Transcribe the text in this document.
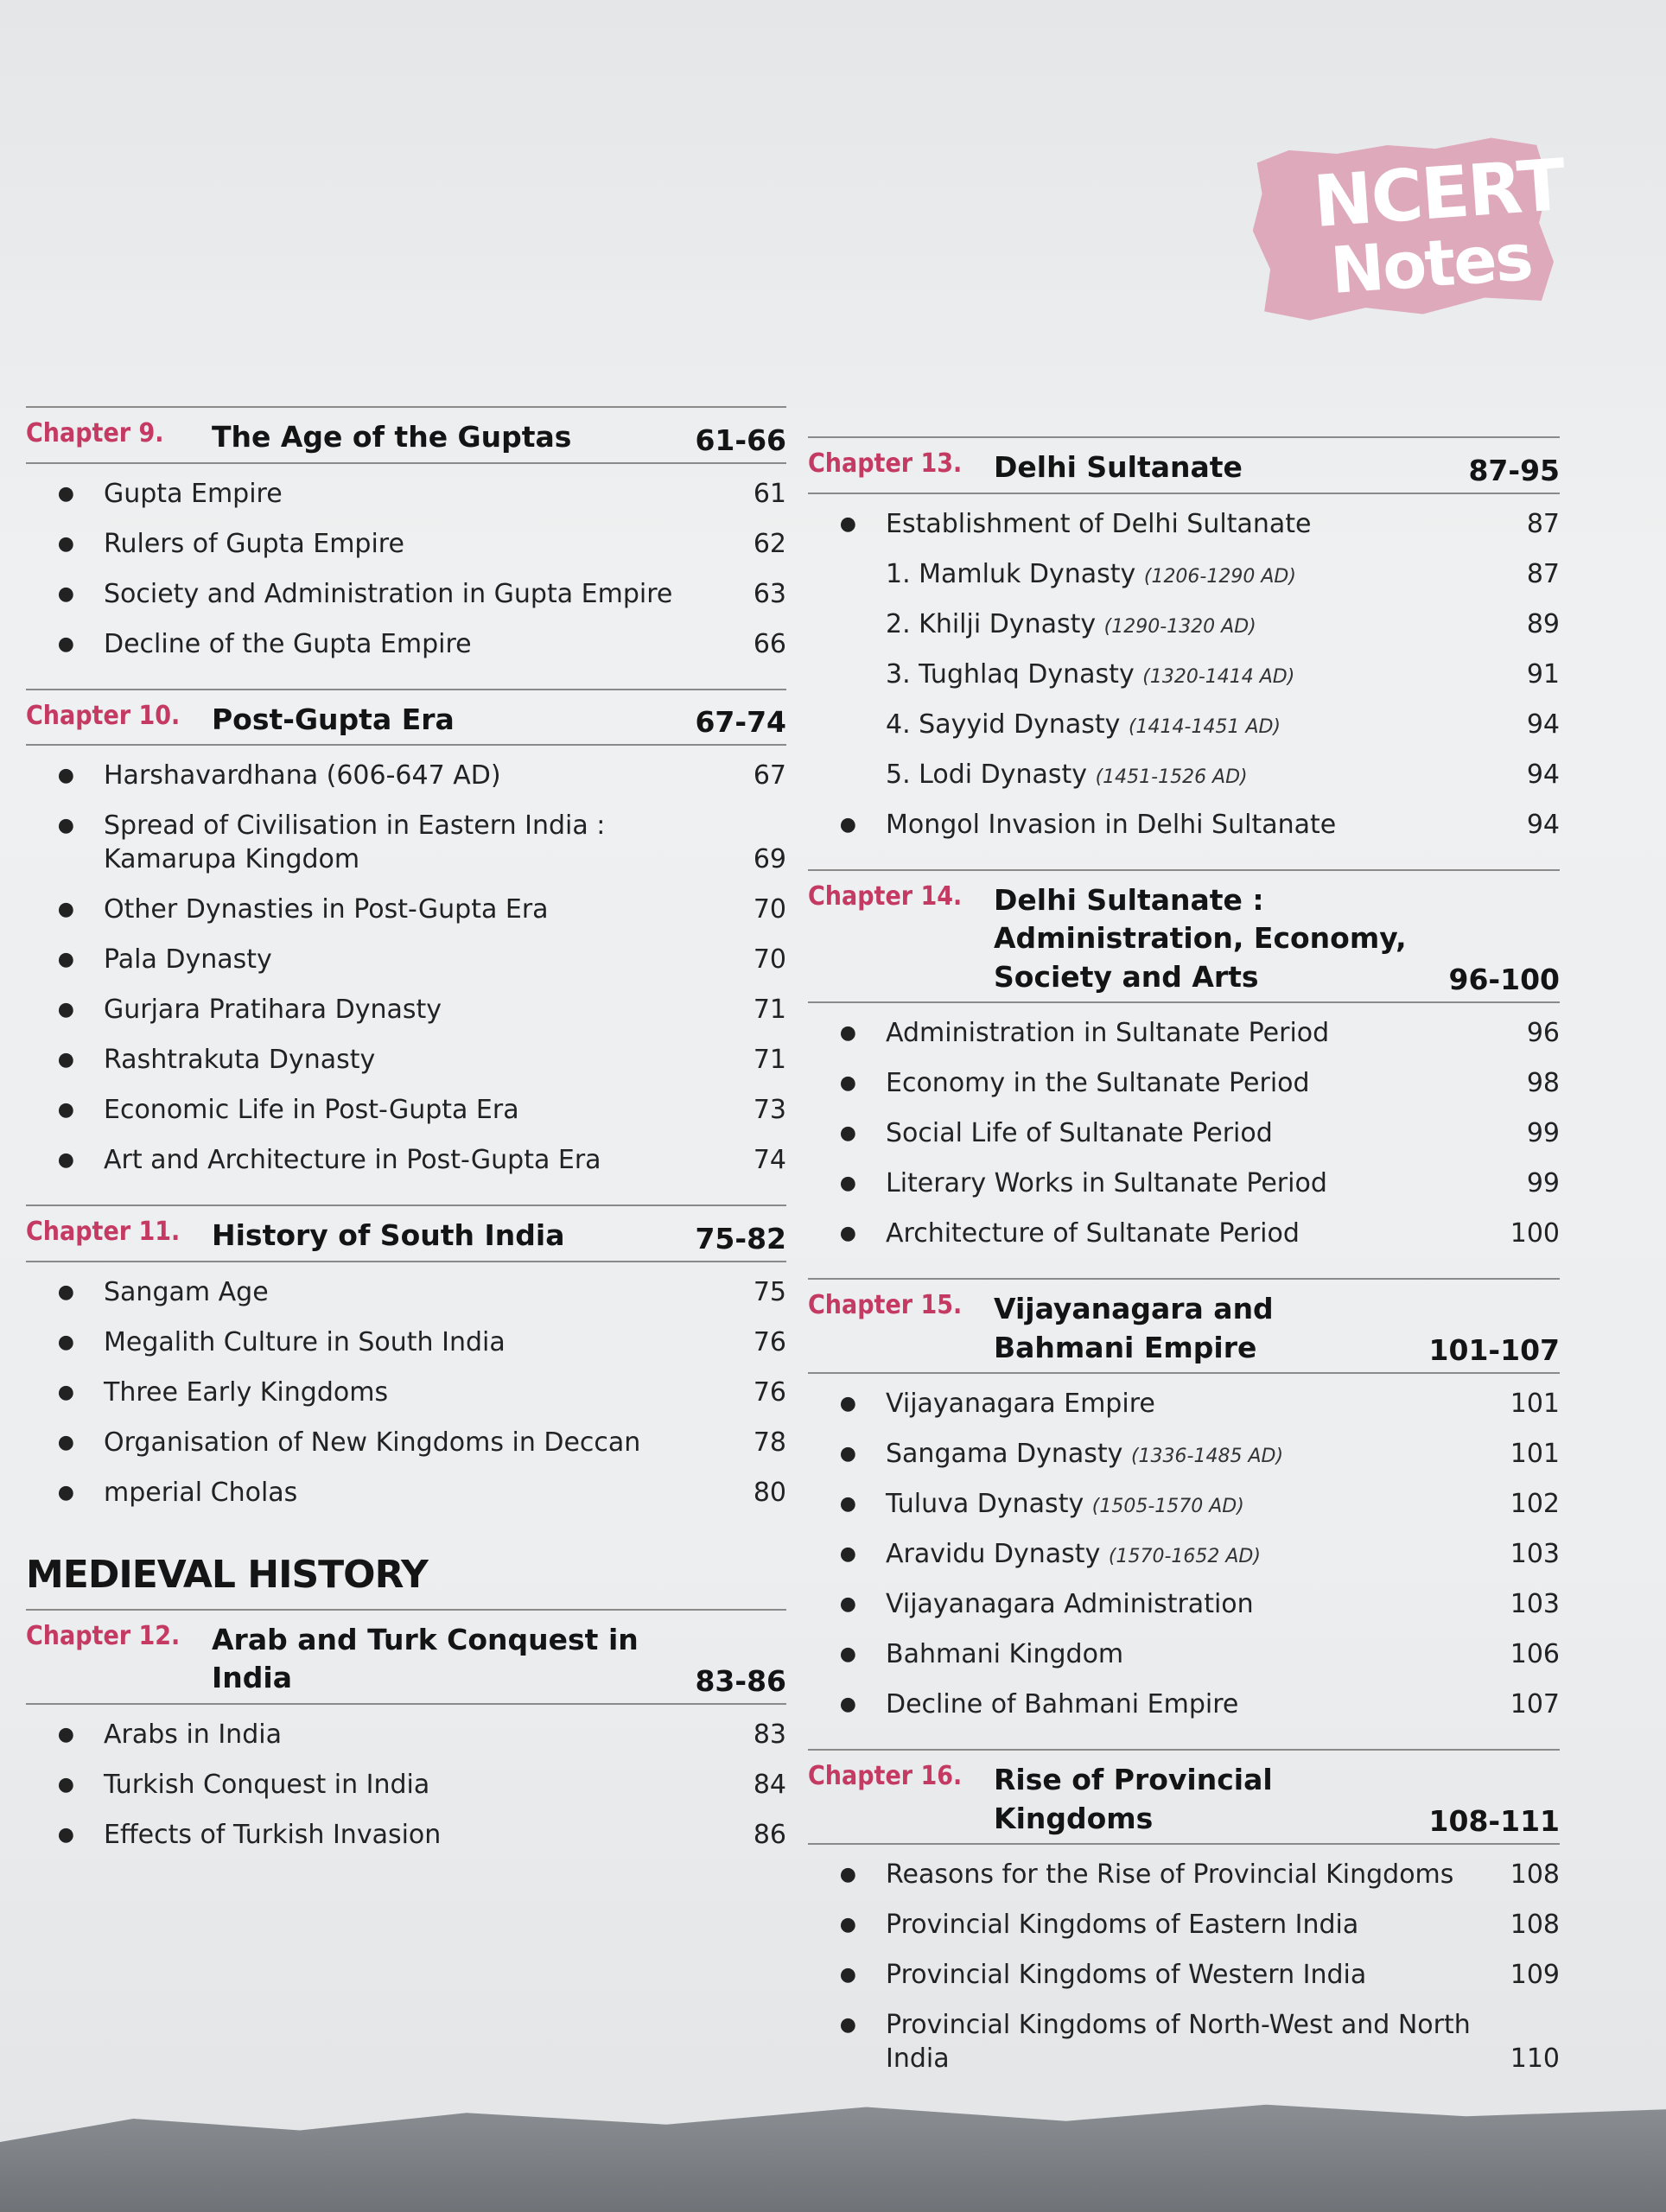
NCERT
Notes
Chapter 9.	The Age of the Guptas	61-66
●	Gupta Empire	61
●	Rulers of Gupta Empire	62
●	Society and Administration in Gupta Empire	63
●	Decline of the Gupta Empire	66
Chapter 10.	Post-Gupta Era	67-74
●	Harshavardhana (606-647 AD)	67
●	Spread of Civilisation in Eastern India : Kamarupa Kingdom	69
●	Other Dynasties in Post-Gupta Era	70
●	Pala Dynasty	70
●	Gurjara Pratihara Dynasty	71
●	Rashtrakuta Dynasty	71
●	Economic Life in Post-Gupta Era	73
●	Art and Architecture in Post-Gupta Era	74
Chapter 11.	History of South India	75-82
●	Sangam Age	75
●	Megalith Culture in South India	76
●	Three Early Kingdoms	76
●	Organisation of New Kingdoms in Deccan	78
●	mperial Cholas	80
MEDIEVAL HISTORY
Chapter 12.	Arab and Turk Conquest in India	83-86
●	Arabs in India	83
●	Turkish Conquest in India	84
●	Effects of Turkish Invasion	86
Chapter 13.	Delhi Sultanate	87-95
●	Establishment of Delhi Sultanate	87
1. Mamluk Dynasty (1206-1290 AD)	87
2. Khilji Dynasty (1290-1320 AD)	89
3. Tughlaq Dynasty (1320-1414 AD)	91
4. Sayyid Dynasty (1414-1451 AD)	94
5. Lodi Dynasty (1451-1526 AD)	94
●	Mongol Invasion in Delhi Sultanate	94
Chapter 14.	Delhi Sultanate : Administration, Economy, Society and Arts	96-100
●	Administration in Sultanate Period	96
●	Economy in the Sultanate Period	98
●	Social Life of Sultanate Period	99
●	Literary Works in Sultanate Period	99
●	Architecture of Sultanate Period	100
Chapter 15.	Vijayanagara and Bahmani Empire	101-107
●	Vijayanagara Empire	101
●	Sangama Dynasty (1336-1485 AD)	101
●	Tuluva Dynasty (1505-1570 AD)	102
●	Aravidu Dynasty (1570-1652 AD)	103
●	Vijayanagara Administration	103
●	Bahmani Kingdom	106
●	Decline of Bahmani Empire	107
Chapter 16.	Rise of Provincial Kingdoms	108-111
●	Reasons for the Rise of Provincial Kingdoms	108
●	Provincial Kingdoms of Eastern India	108
●	Provincial Kingdoms of Western India	109
●	Provincial Kingdoms of North-West and North India	110
